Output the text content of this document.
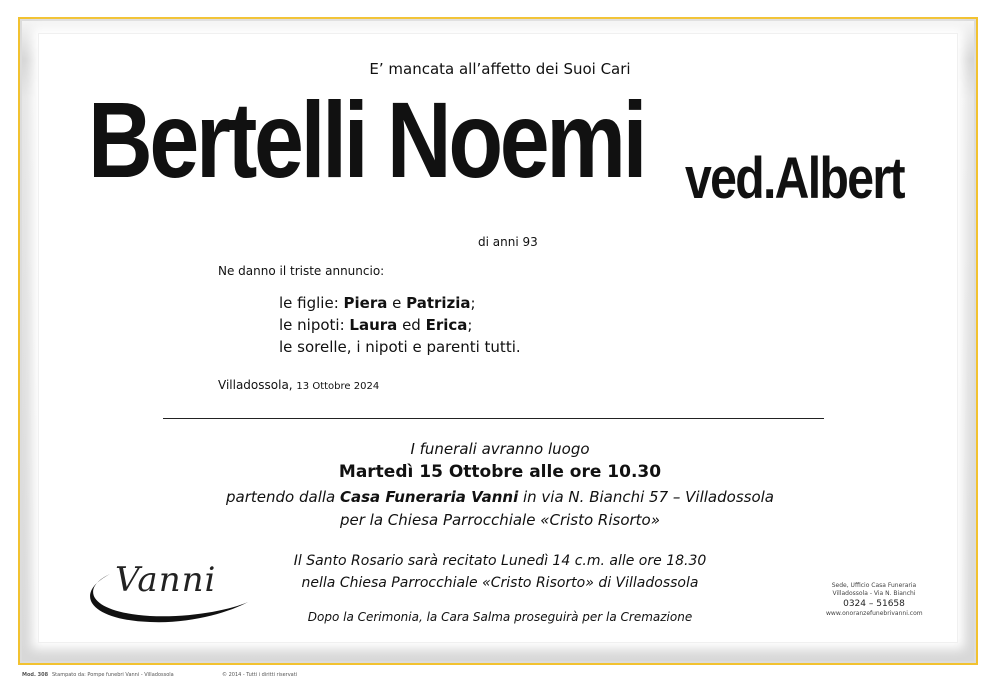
E’ mancata all’affetto dei Suoi Cari
Bertelli Noemi ved.Albert
di anni 93
Ne danno il triste annuncio:
le figlie: Piera e Patrizia;
le nipoti: Laura ed Erica;
le sorelle, i nipoti e parenti tutti.
Villadossola, 13 Ottobre 2024
I funerali avranno luogo
Martedì 15 Ottobre alle ore 10.30
partendo dalla Casa Funeraria Vanni in via N. Bianchi 57 – Villadossola
per la Chiesa Parrocchiale «Cristo Risorto»
Il Santo Rosario sarà recitato Lunedì 14 c.m. alle ore 18.30
nella Chiesa Parrocchiale «Cristo Risorto» di Villadossola
Dopo la Cerimonia, la Cara Salma proseguirà per la Cremazione
Vanni	Sede, Ufficio Casa Funeraria
Villadossola - Via N. Bianchi
0324 – 51658
www.onoranzefunebrivanni.com
Mod. 308 Stampato da: Pompe funebri Vanni - Villadossola	© 2014 - Tutti i diritti riservati
